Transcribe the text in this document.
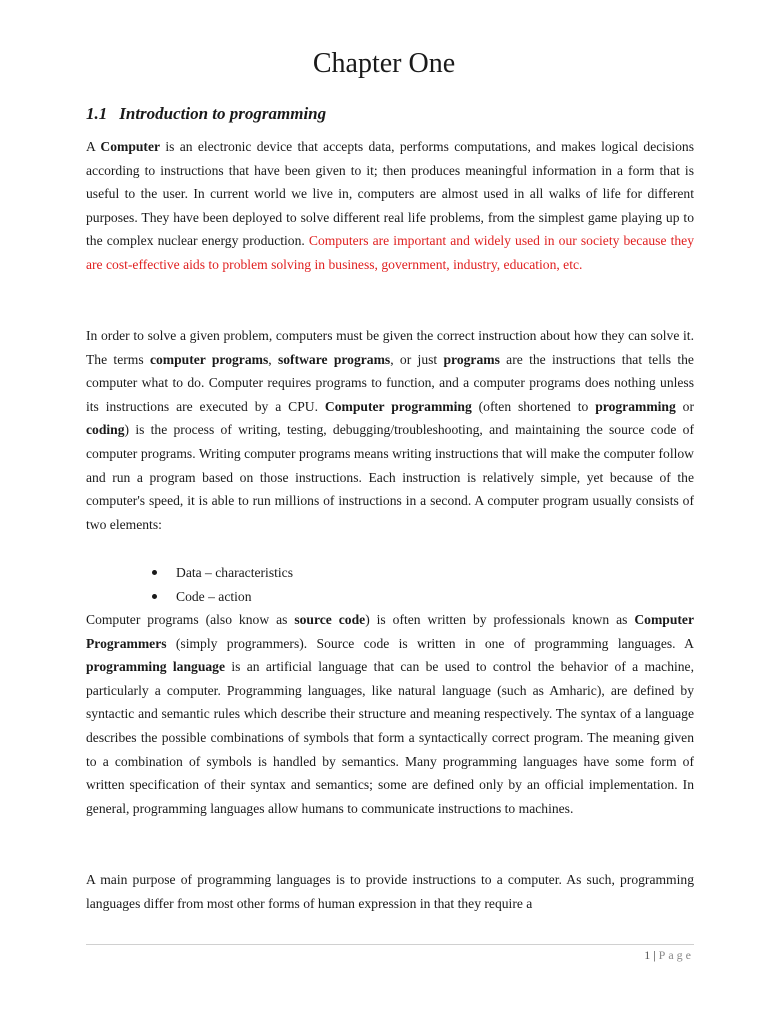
Chapter One
1.1 Introduction to programming

A Computer is an electronic device that accepts data, performs computations, and makes logical decisions according to instructions that have been given to it; then produces meaningful information in a form that is useful to the user. In current world we live in, computers are almost used in all walks of life for different purposes. They have been deployed to solve different real life problems, from the simplest game playing up to the complex nuclear energy production. Computers are important and widely used in our society because they are cost-effective aids to problem solving in business, government, industry, education, etc.

In order to solve a given problem, computers must be given the correct instruction about how they can solve it. The terms computer programs, software programs, or just programs are the instructions that tells the computer what to do. Computer requires programs to function, and a computer programs does nothing unless its instructions are executed by a CPU. Computer programming (often shortened to programming or coding) is the process of writing, testing, debugging/troubleshooting, and maintaining the source code of computer programs. Writing computer programs means writing instructions that will make the computer follow and run a program based on those instructions. Each instruction is relatively simple, yet because of the computer's speed, it is able to run millions of instructions in a second. A computer program usually consists of two elements:

Data – characteristics
Code – action

Computer programs (also know as source code) is often written by professionals known as Computer Programmers (simply programmers). Source code is written in one of programming languages. A programming language is an artificial language that can be used to control the behavior of a machine, particularly a computer. Programming languages, like natural language (such as Amharic), are defined by syntactic and semantic rules which describe their structure and meaning respectively. The syntax of a language describes the possible combinations of symbols that form a syntactically correct program. The meaning given to a combination of symbols is handled by semantics. Many programming languages have some form of written specification of their syntax and semantics; some are defined only by an official implementation. In general, programming languages allow humans to communicate instructions to machines.

A main purpose of programming languages is to provide instructions to a computer. As such, programming languages differ from most other forms of human expression in that they require a

1 | Page
